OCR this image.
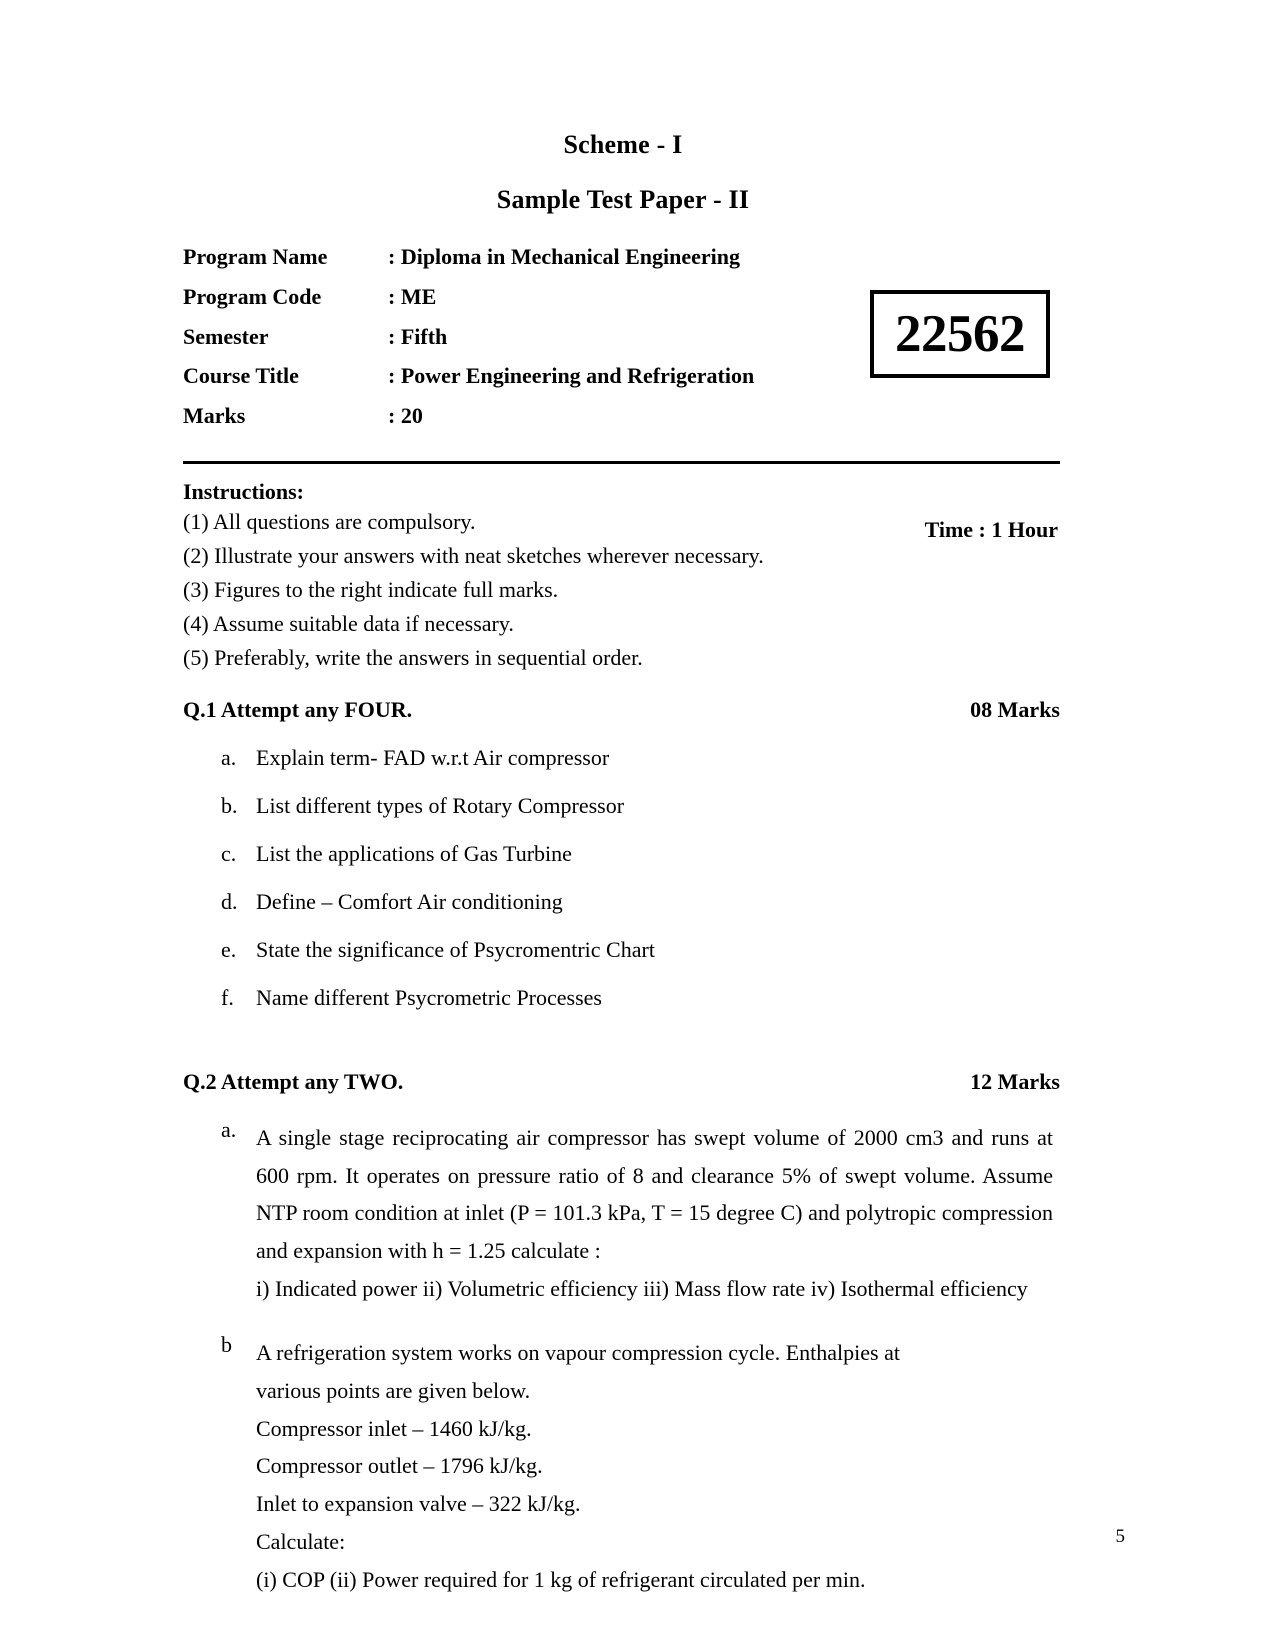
Scheme - I
Sample Test Paper - II
Program Name	: Diploma in Mechanical Engineering
Program Code	: ME
Semester	: Fifth
Course Title	: Power Engineering and Refrigeration
Marks	: 20
22562
Time : 1 Hour
Instructions:

(1) All questions are compulsory.

(2) Illustrate your answers with neat sketches wherever necessary.

(3) Figures to the right indicate full marks.

(4) Assume suitable data if necessary.

(5) Preferably, write the answers in sequential order.

Q.1 Attempt any FOUR.	08 Marks
a. Explain term- FAD w.r.t Air compressor
b. List different types of Rotary Compressor
c. List the applications of Gas Turbine
d. Define – Comfort Air conditioning
e. State the significance of Psycromentric Chart
f.	Name different Psycrometric Processes
Q.2 Attempt any TWO.	12 Marks
a. A single stage reciprocating air compressor has swept volume of 2000 cm3 and runs at 600 rpm. It operates on pressure ratio of 8 and clearance 5% of swept volume. Assume NTP room condition at inlet (P = 101.3 kPa, T = 15 degree C) and polytropic compression and expansion with h = 1.25 calculate :
i) Indicated power ii) Volumetric efficiency iii) Mass flow rate iv) Isothermal efficiency
b	A refrigeration system works on vapour compression cycle. Enthalpies at
various points are given below.
Compressor inlet – 1460 kJ/kg.
Compressor outlet – 1796 kJ/kg.
Inlet to expansion valve – 322 kJ/kg.
Calculate:
(i) COP (ii) Power required for 1 kg of refrigerant circulated per min.
5
